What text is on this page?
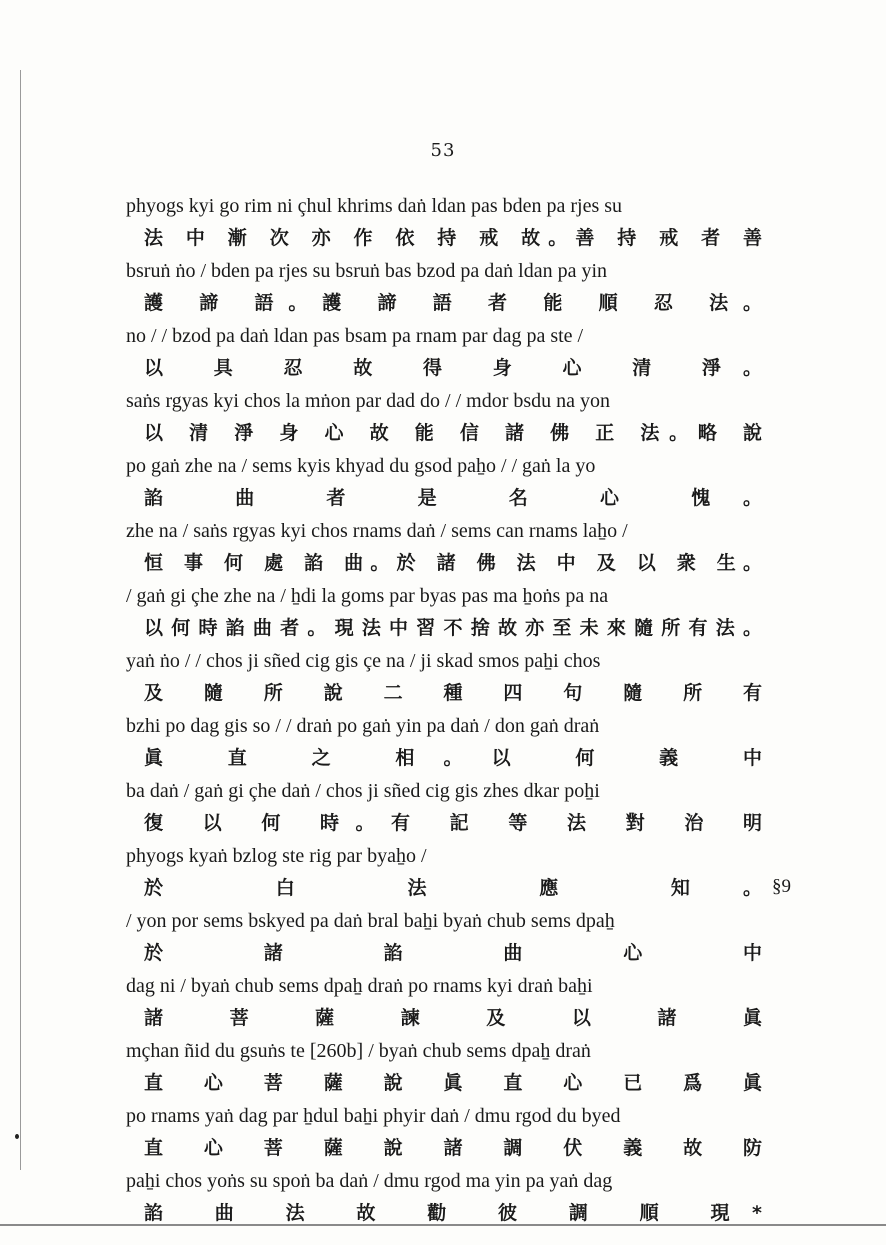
53
phyogs kyi go rim ni çhul khrims daṅ ldan pas bden pa rjes su
法 中 漸 次 亦 作 依 持 戒 故。善 持 戒 者 善
bsruṅ ṅo / bden pa rjes su bsruṅ bas bzod pa daṅ ldan pa yin
護 諦 語。護 諦 語 者 能 順 忍 法。
no / / bzod pa daṅ ldan pas bsam pa rnam par dag pa ste /
以 具 忍 故 得 身 心 清 淨。
saṅs rgyas kyi chos la mṅon par dad do / / mdor bsdu na yon
以 清 淨 身 心 故 能 信 諸 佛 正 法。略 說
po gaṅ zhe na / sems kyis khyad du gsod paẖo / / gaṅ la yo
諂 曲 者 是 名 心 愧。
zhe na / saṅs rgyas kyi chos rnams daṅ / sems can rnams laẖo /
恒 事 何 處 諂 曲。於 諸 佛 法 中 及 以 衆 生。
/ gaṅ gi çhe zhe na / ẖdi la goms par byas pas ma ẖoṅs pa na
以何時諂曲者。現法中習不捨故亦至未來隨所有法。
yaṅ ṅo / / chos ji sñed cig gis çe na / ji skad smos paẖi chos
及 隨 所 說 二 種 四 句 隨 所 有
bzhi po dag gis so / / draṅ po gaṅ yin pa daṅ / don gaṅ draṅ
眞 直 之 相。以 何 義 中
ba daṅ / gaṅ gi çhe daṅ / chos ji sñed cig gis zhes dkar poẖi
復 以 何 時。有 記 等 法 對 治 明
phyogs kyaṅ bzlog ste rig par byaẖo /
於 白 法 應 知。
/ yon por sems bskyed pa daṅ bral baẖi byaṅ chub sems dpaẖ
於 諸 諂 曲 心 中
dag ni / byaṅ chub sems dpaẖ draṅ po rnams kyi draṅ baẖi
諸 菩 薩 諫 及 以 諸 眞
mçhan ñid du gsuṅs te [260b] / byaṅ chub sems dpaẖ draṅ
直 心 菩 薩 說 眞 直 心 已 爲 眞
po rnams yaṅ dag par ẖdul baẖi phyir daṅ / dmu rgod du byed
直 心 菩 薩 說 諸 調 伏 義 故 防
paẖi chos yoṅs su spoṅ ba daṅ / dmu rgod ma yin pa yaṅ dag
諂 曲 法 故 勸 彼 調 順 現*
§9
